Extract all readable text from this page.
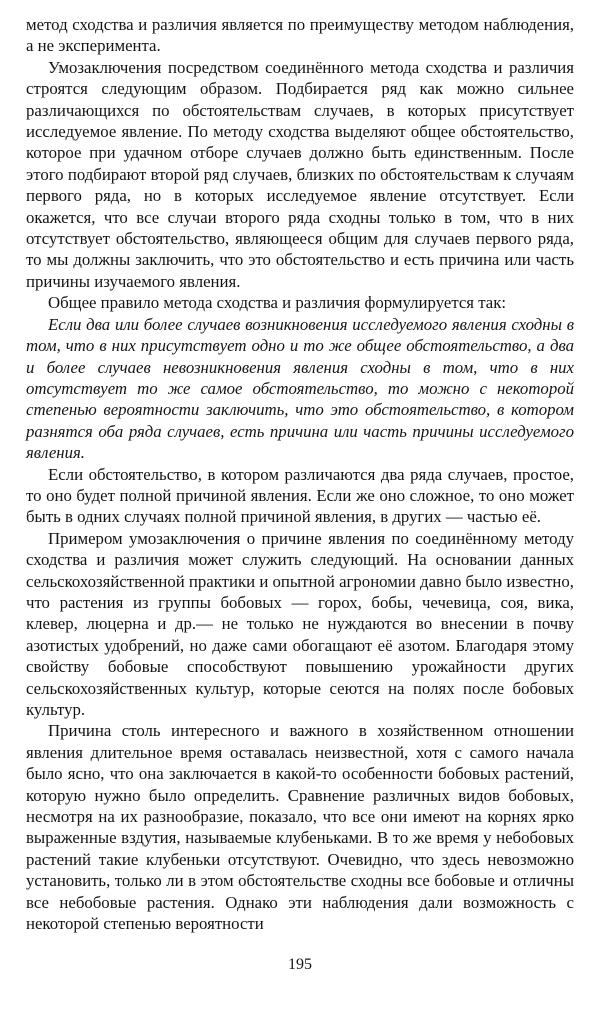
метод сходства и различия является по преимуществу методом наблюдения, а не эксперимента.

Умозаключения посредством соединённого метода сходства и различия строятся следующим образом. Подбирается ряд как можно сильнее различающихся по обстоятельствам случаев, в которых присутствует исследуемое явление. По методу сходства выделяют общее обстоятельство, которое при удачном отборе случаев должно быть единственным. После этого подбирают второй ряд случаев, близких по обстоятельствам к случаям первого ряда, но в которых исследуемое явление отсутствует. Если окажется, что все случаи второго ряда сходны только в том, что в них отсутствует обстоятельство, являющееся общим для случаев первого ряда, то мы должны заключить, что это обстоятельство и есть причина или часть причины изучаемого явления.

Общее правило метода сходства и различия формулируется так:

Если два или более случаев возникновения исследуемого явления сходны в том, что в них присутствует одно и то же общее обстоятельство, а два и более случаев невозникновения явления сходны в том, что в них отсутствует то же самое обстоятельство, то можно с некоторой степенью вероятности заключить, что это обстоятельство, в котором разнятся оба ряда случаев, есть причина или часть причины исследуемого явления.

Если обстоятельство, в котором различаются два ряда случаев, простое, то оно будет полной причиной явления. Если же оно сложное, то оно может быть в одних случаях полной причиной явления, в других — частью её.

Примером умозаключения о причине явления по соединённому методу сходства и различия может служить следующий. На основании данных сельскохозяйственной практики и опытной агрономии давно было известно, что растения из группы бобовых — горох, бобы, чечевица, соя, вика, клевер, люцерна и др.— не только не нуждаются во внесении в почву азотистых удобрений, но даже сами обогащают её азотом. Благодаря этому свойству бобовые способствуют повышению урожайности других сельскохозяйственных культур, которые сеются на полях после бобовых культур.

Причина столь интересного и важного в хозяйственном отношении явления длительное время оставалась неизвестной, хотя с самого начала было ясно, что она заключается в какой-то особенности бобовых растений, которую нужно было определить. Сравнение различных видов бобовых, несмотря на их разнообразие, показало, что все они имеют на корнях ярко выраженные вздутия, называемые клубеньками. В то же время у небобовых растений такие клубеньки отсутствуют. Очевидно, что здесь невозможно установить, только ли в этом обстоятельстве сходны все бобовые и отличны все небобовые растения. Однако эти наблюдения дали возможность с некоторой степенью вероятности

195
